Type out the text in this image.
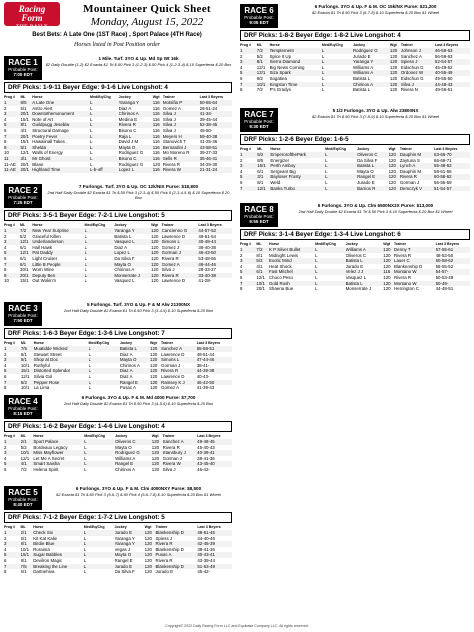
Racing
Form
THE DAILY
Mountaineer Quick Sheet
Monday, August 15, 2022
Best Bets: A Late One (1ST Race) , Sport Palace (4TH Race)
Horses listed in Post Position order
RACE 1
Probable Post:
7:00 EDT
1 Mile. Turf. 3YO & Up. Md Sp Wt 16k
$2 Daily Double (1-2) $2 Exacta $1 Tri $.50 Pick 3 (1-2-3) $.50 Pick 4 (1-2-3-4) $.10 Superfecta $.20 Box
DRF Picks: 1-9-11 Beyer Edge: 9-1-6 Live Longshot: 4
Prog #	ML	Horse	Med/Eq/Chg	Jockey	Wgt	Trainer	Last 3 Beyers
1	8/5	A Late One	L	Yaranga Y	116	Motsifia P	50-65-64
2	5/1	Astro Alert	L	Diaz A	116	Gomez A	28-51-24
3	20/1	Downtothemonument	L	Chirinos A	116	Silva J	41-34-
4	15/1	Note of Art	L	Medina E	116	Silva J	39-45-44
5	8/1	Guildpugg Jesebiw	L	Rivera R	116	Silva J	52-38-45
6	4/1	Structural Damage	L	Bisono C	116	Silva J	45-50-
7	20/1	Poetry Fever	L	Raja L	116	Meyers H	59-40-38
8	15/1	Hawaiinall Takes	L	David J M	116	Stanovich T	41-25-36
9	5/1	Shelda	L	Mayta O	116	Bernardini J	43-58-51
10	12/1	Walls of Energy	L	Rodriguez G	116	Mo Moreno R	39-27-33
11	3/1	Mr Ghost	L	Bisono C	116	Sells R	35-46-41
11-AE	20/1	Blane	L	Rodriguez G	120	Rivera R	34-29-30
11-AE	20/1	Highland Time	L-b-off	Lopez L	116	Rivera W	21-31-24
RACE 2
Probable Post:
7:25 EDT
7 Furlongs. Turf. 3YO & Up. OC 12k/NIX Purse: $18,800
2nd Half Daily Double $2 Exacta $1 Tri $.50 Pick 3 (2-3-4) $.50 Pick 5 (2-3-4-5-6) $.10 Superfecta $.20 Box
DRF Picks: 3-5-1 Beyer Edge: 7-2-1 Live Longshot: 5
Prog #	ML	Horse	Med/Eq/Chg	Jockey	Wgt	Trainer	Last 3 Beyers
1	7/2	New Year Surprise	L	Yaranga Y	120	Cancienno G	44-57-52
2	5/2	Graceful Killen	L	Batista L	120	Lawrence D	49-51-54
3	12/1	Underlanderson	L	Vasquez L	120	Simons L	40-48-44
4	6/1	Hall Hawk	L	Diaz A	120	Gomez J	36-40-38
5	12/1	Pat Daddy	L	Lopez L	120	Gorman J	46-43-50
6	6/1	Light Cruiser	L	Da Silva F	120	Rivera R	53-48-56
7	8/1	Little B People	L	Mayta O	120	Gomez A	49-44-46
8	30/1	Worn Wine	L	Chirinos A	120	Silva J	28-33-27
9	20/1	Deputy Ben	L	Monserrate J	120	Rivera R	33-40-38
10	15/1	Out Wokin'n	L	Vasquez L	120	Lawrence D	41-28-
RACE 3
Probable Post:
7:50 EDT
5 Furlongs. Turf. 3YO & Up. F & M Alw 21300NX
2nd Half Daily Double $2 Exacta $1 Tri $.50 Pick 3 (3-4-5) $.10 Superfecta $.20 Box
DRF Picks: 1-6-3 Beyer Edge: 1-3-6 Live Longshot: 7
Prog #	ML	Horse	Med/Eq/Chg	Jockey	Wgt	Trainer	Last 3 Beyers
1	7/5	Muatidde Wicked	L	Batista L	120	Sanchez A	55-58-51
2	6/1	Stewart Street	L	Diaz A	120	Lawrence D	49-51-44
3	5/1	Shop at Doc	L	Mayta O	120	Simons L	47-44-46
4	10/1	Ruthyful	L	Chirinos A	120	Gorman J	38-41-
5	15/1	Distorted Splendor	L	Diaz A	120	Rivera R	44-39-38
6	12/1	Silvia Gol	L	Diaz A	120	Lawrence D	40-43-
7	5/2	Pepper Rose	L	Rangel E	120	Ramsey K J	46-42-50
8	10/1	La Lima	L	Pusac A	120	Gomez A	41-39-43
RACE 4
Probable Post:
8:15 EDT
6 Furlongs. 3YO & Up. F & M. Md 4000 Purse: $7,700
2nd Half Daily Double $2 Exacta $1 Tri $.50 Pick 3 (4-5-6) $.10 Superfecta $.20 Box
DRF Picks: 1-6-2 Beyer Edge: 1-4-6 Live Longshot: 4
Prog #	ML	Horse	Med/Eq/Chg	Jockey	Wgt	Trainer	Last 3 Beyers
1	2/1	Sport Palace	L	Oliveros C	120	Sanchez A	49-48-45
2	5/2	Bordeaux Legacy	L	Mayta O	120	Rivera R	45-40-43
3	10/1	Miss Mayflower	L	Rodriguez G	120	Stansbury J	40-38-41
4	12/1	Let Me A Secret	L	Williams A	120	Gorman J	38-41-36
5	4/1	Smart Saisha	L	Rangel E	120	Rivera W	43-45-40
6	7/2	Helena Spirit	L	Chirinos A	120	Silva J	46-42-
RACE 5
Probable Post:
8:40 EDT
6 Furlongs. 3YO & Up. F & M. Clm 4000NXY Purse: $8,500
$2 Exacta $1 Tri $.50 Pick 3 (5-6-7) $.50 Pick 4 (5-6-7-8) $.10 Superfecta $.20 Box $1 Wheel
DRF Picks: 7-1-2 Beyer Edge: 1-7-2 Live Longshot: 5
Prog #	ML	Horse	Med/Eq/Chg	Jockey	Wgt	Trainer	Last 3 Beyers
1	2/1	Check Six	L	Jurado E	120	Blankenship D	48-51-45
2	6/1	Kit Kat Kalie	L	Yaranga Y	120	Spiess J	44-40-46
3	8/1	Birdie Blue	L	Yaranga Y	120	Rivera R	42-45-39
4	10/1	Roraima	L	Vegas J	120	Blankenship D	38-41-36
5	15/1	Sugar Babbles	L	Mayta O	120	Pusac A	40-43-41
6	8/1	Devilron Magic	L	Rangel E	120	Rivera R	43-39-44
7	7/5	Breaking the Line	L	Jurado E	120	Blankenship D	51-53-49
8	6/1	Dartnehiva	L	Da Silva F	120	Jurado E	45-42-
RACE 6
Probable Post:
9:05 EDT
6 Furlongs. 3YO & Up. F & M. OC 15k/NX Purse: $21,200
$2 Exacta $1 Tri $.50 Pick 3 (6-7-8) $.10 Superfecta $.20 Box $1 Wheel
DRF Picks: 1-8-2 Beyer Edge: 1-8-2 Live Longshot: 4
Prog #	ML	Horse	Med/Eq/Chg	Jockey	Wgt	Trainer	Last 3 Beyers
1	7/2	Temptement	L	Rodriguez G	120	Johnson J	46-59-63
2	5/2	Spice It Up	L	Jurado E	120	Sanchez A	56-59-63
3	8/1	Sierra Diamond	L	Yaranga Y	120	Spiess J	52-54-57
4	12/1	Big News Coming	L	Williams A	120	Eidschun G	45-49-52
5	12/1	Siza Spark	L	Williams A	120	Ordonez W	40-55-49
6	9/2	Sogatiea	L	Batista L	120	Eidschun G	49-55-50
7	10/1	Kingston Time	L	Chirinos A	120	Silva J	44-48-43
8	7/2	P's Gradys	L	Batista L	120	Rivera N	49-56-61
RACE 7
Probable Post:
9:30 EDT
5 1/2 Furlongs. 3YO & Up. Alw 23800NX
$2 Exacta $1 Tri $.50 Pick 3 (7-8-9) $.10 Superfecta $.20 Box $1 Wheel
DRF Picks: 1-2-6 Beyer Edge: 1-6-5
Prog #	ML	Horse	Med/Eq/Chg	Jockey	Wgt	Trainer	Last 3 Beyers
1	5/2	EmperorofthePark	L	Oliveros C	120	Dauphin M	63-66-70
2	8/5	Energizer	L	Da Silva F	120	Zaytuna S	66-69-71
3	15/1	Perth Amboy	L	Batista L	120	Lynch A	55-48-52
4	6/1	Sergeant Big	L	Mayta O	120	Dauphin M	58-61-56
5	3/1	Bayloser Frosty	L	Rangel E	120	Rivera R	60-58-62
6	8/1	Weld	L	Jurado E	120	Gorman J	56-55-59
7	12/1	Banks Turbo	L	Barrios R	120	Demczyk V	51-54-57
RACE 8
Probable Post:
9:55 EDT
6 Furlongs. 3YO & Up. Clm 6500NX2X Purse: $13,000
2nd Half Daily Double $2 Exacta $1 Tri $.50 Pick 3 $.10 Superfecta $.20 Box $1 Wheel
DRF Picks: 3-1-4 Beyer Edge: 1-3-4 Live Longshot: 6
Prog #	ML	Horse	Med/Eq/Chg	Jockey	Wgt	Trainer	Last 3 Beyers
1	7/2	K P Silver Bullet	L	Williams A	120	Denny T	57-55-61
2	8/1	Midnight Lewis	L	Oliveros C	120	Rivera R	48-53-50
3	5/2	Exotic Mind	L	Batista L	120	Lauer C	60-58-62
4	4/1	Heat Shock	L	Jurado E	120	Blankenship D	58-55-52
5	6/1	Fast Mitchel	L	Velez J J	116	Montano W	54-57-
6	12/1	Choco Peso	L	Vasquez L	120	Rivera R	50-53-49
7	10/1	Gold Rush	L	Batista L	120	Montano W	50-49-
8	20/1	Shaena Bue	L	Monserrate J	120	Herrington C	44-48-51
Copyright© 2022 Daily Racing Form LLC and Equibase Company LLC. All rights reserved.
